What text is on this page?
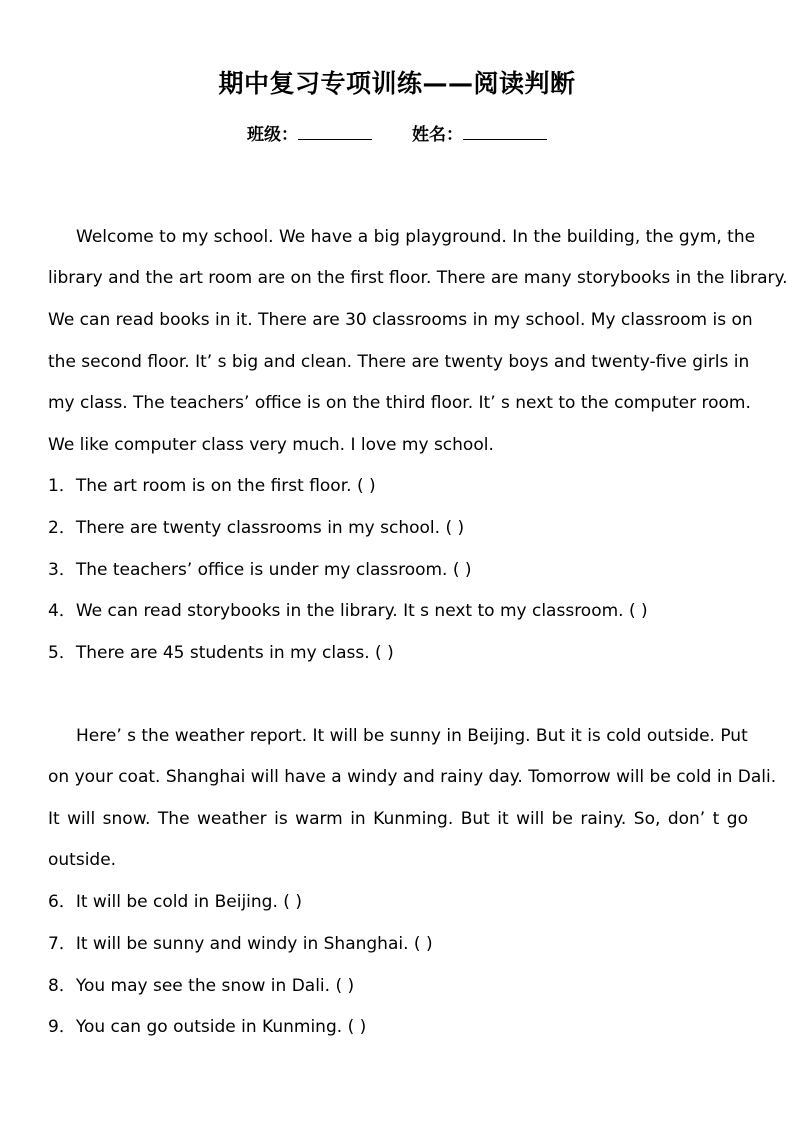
期中复习专项训练——阅读判断
班级：	姓名：
Welcome to my school. We have a big playground. In the building, the gym, the
library and the art room are on the first floor. There are many storybooks in the library.
We can read books in it. There are 30 classrooms in my school. My classroom is on
the second floor. It’ s big and clean. There are twenty boys and twenty-five girls in
my class. The teachers’ office is on the third floor. It’ s next to the computer room.
We like computer class very much. I love my school.
1．The art room is on the first floor. ( )
2．There are twenty classrooms in my school. ( )
3．The teachers’ office is under my classroom. ( )
4．We can read storybooks in the library. It s next to my classroom. ( )
5．There are 45 students in my class. ( )
Here’ s the weather report. It will be sunny in Beijing. But it is cold outside. Put
on your coat. Shanghai will have a windy and rainy day. Tomorrow will be cold in Dali.
It will snow. The weather is warm in Kunming. But it will be rainy. So, don’ t go
outside.
6．It will be cold in Beijing. ( )
7．It will be sunny and windy in Shanghai. ( )
8．You may see the snow in Dali. ( )
9．You can go outside in Kunming. ( )
